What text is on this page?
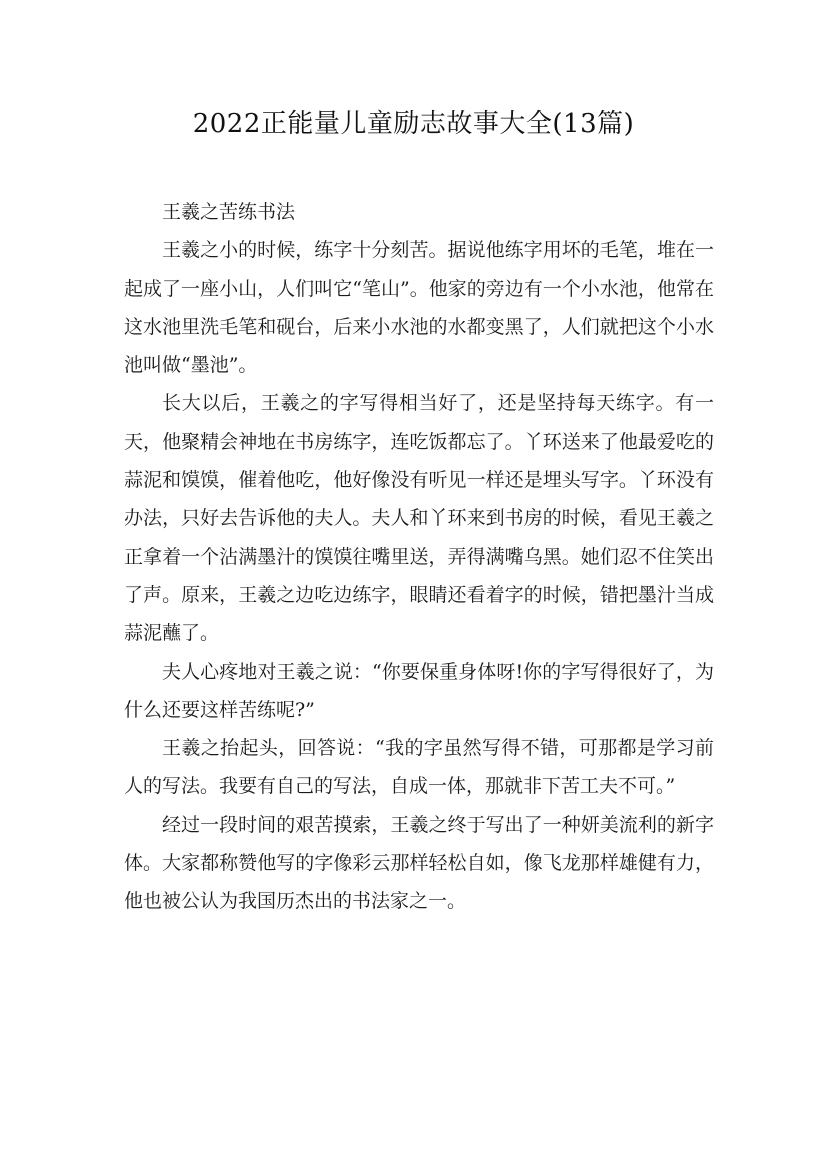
2022正能量儿童励志故事大全(13篇)

王羲之苦练书法

王羲之小的时候，练字十分刻苦。据说他练字用坏的毛笔，堆在一起成了一座小山，人们叫它“笔山”。他家的旁边有一个小水池，他常在这水池里洗毛笔和砚台，后来小水池的水都变黑了，人们就把这个小水池叫做“墨池”。

长大以后，王羲之的字写得相当好了，还是坚持每天练字。有一天，他聚精会神地在书房练字，连吃饭都忘了。丫环送来了他最爱吃的蒜泥和馍馍，催着他吃，他好像没有听见一样还是埋头写字。丫环没有办法，只好去告诉他的夫人。夫人和丫环来到书房的时候，看见王羲之正拿着一个沾满墨汁的馍馍往嘴里送，弄得满嘴乌黑。她们忍不住笑出了声。原来，王羲之边吃边练字，眼睛还看着字的时候，错把墨汁当成蒜泥蘸了。

夫人心疼地对王羲之说：“你要保重身体呀!你的字写得很好了，为什么还要这样苦练呢?”

王羲之抬起头，回答说：“我的字虽然写得不错，可那都是学习前人的写法。我要有自己的写法，自成一体，那就非下苦工夫不可。”

经过一段时间的艰苦摸索，王羲之终于写出了一种妍美流利的新字体。大家都称赞他写的字像彩云那样轻松自如，像飞龙那样雄健有力，他也被公认为我国历杰出的书法家之一。
